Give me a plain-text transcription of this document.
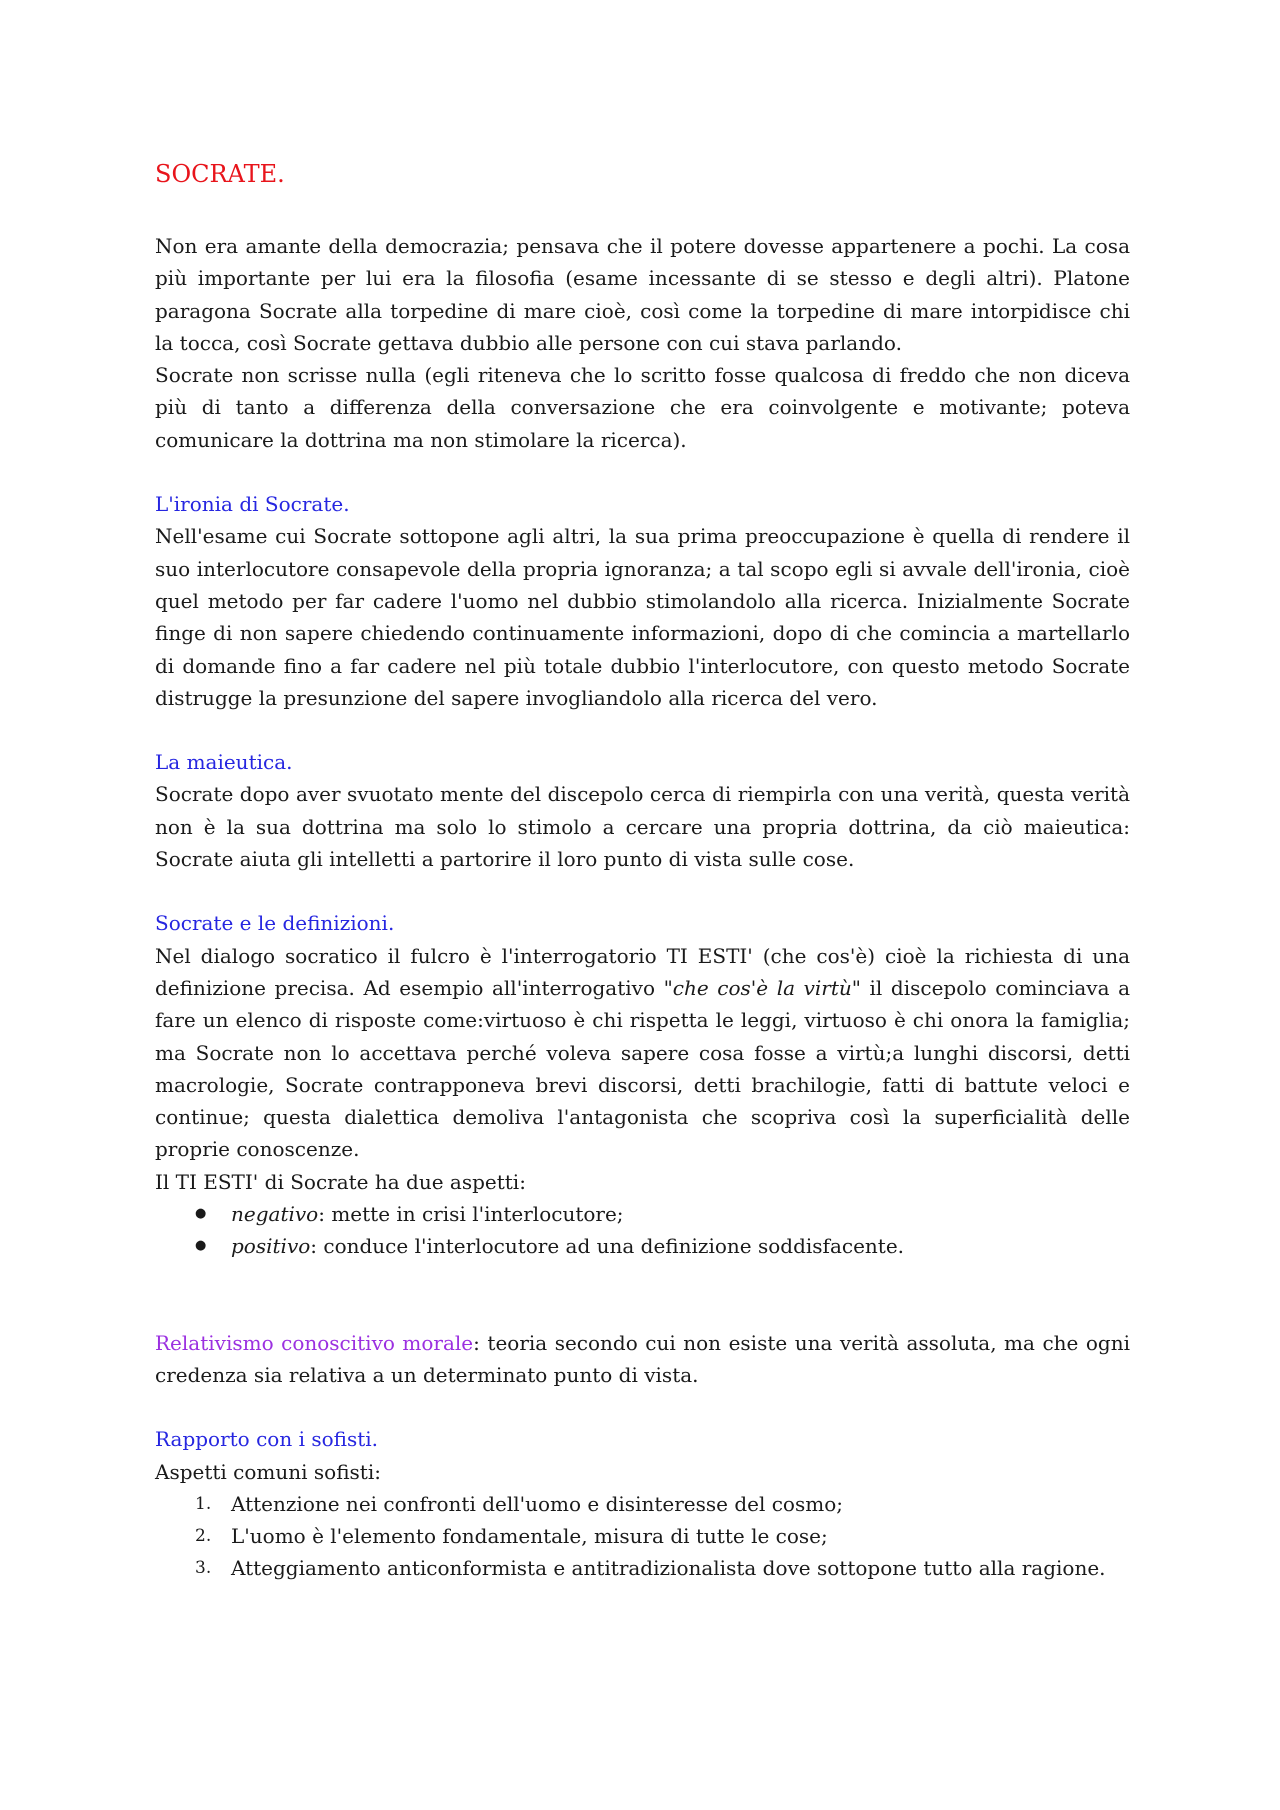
SOCRATE.

Non era amante della democrazia; pensava che il potere dovesse appartenere a pochi. La cosa più importante per lui era la filosofia (esame incessante di se stesso e degli altri). Platone paragona Socrate alla torpedine di mare cioè, così come la torpedine di mare intorpidisce chi la tocca, così Socrate gettava dubbio alle persone con cui stava parlando.

Socrate non scrisse nulla (egli riteneva che lo scritto fosse qualcosa di freddo che non diceva più di tanto a differenza della conversazione che era coinvolgente e motivante; poteva comunicare la dottrina ma non stimolare la ricerca).

L'ironia di Socrate.

Nell'esame cui Socrate sottopone agli altri, la sua prima preoccupazione è quella di rendere il suo interlocutore consapevole della propria ignoranza; a tal scopo egli si avvale dell'ironia, cioè quel metodo per far cadere l'uomo nel dubbio stimolandolo alla ricerca. Inizialmente Socrate finge di non sapere chiedendo continuamente informazioni, dopo di che comincia a martellarlo di domande fino a far cadere nel più totale dubbio l'interlocutore, con questo metodo Socrate distrugge la presunzione del sapere invogliandolo alla ricerca del vero.

La maieutica.

Socrate dopo aver svuotato mente del discepolo cerca di riempirla con una verità, questa verità non è la sua dottrina ma solo lo stimolo a cercare una propria dottrina, da ciò maieutica: Socrate aiuta gli intelletti a partorire il loro punto di vista sulle cose.

Socrate e le definizioni.

Nel dialogo socratico il fulcro è l'interrogatorio TI ESTI' (che cos'è) cioè la richiesta di una definizione precisa. Ad esempio all'interrogativo "che cos'è la virtù" il discepolo cominciava a fare un elenco di risposte come:virtuoso è chi rispetta le leggi, virtuoso è chi onora la famiglia; ma Socrate non lo accettava perché voleva sapere cosa fosse a virtù;a lunghi discorsi, detti macrologie, Socrate contrapponeva brevi discorsi, detti brachilogie, fatti di battute veloci e continue; questa dialettica demoliva l'antagonista che scopriva così la superficialità delle proprie conoscenze.

Il TI ESTI' di Socrate ha due aspetti:

● negativo: mette in crisi l'interlocutore;
● positivo: conduce l'interlocutore ad una definizione soddisfacente.

Relativismo conoscitivo morale: teoria secondo cui non esiste una verità assoluta, ma che ogni credenza sia relativa a un determinato punto di vista.

Rapporto con i sofisti.

Aspetti comuni sofisti:

1. Attenzione nei confronti dell'uomo e disinteresse del cosmo;
2. L'uomo è l'elemento fondamentale, misura di tutte le cose;
3. Atteggiamento anticonformista e antitradizionalista dove sottopone tutto alla ragione.
